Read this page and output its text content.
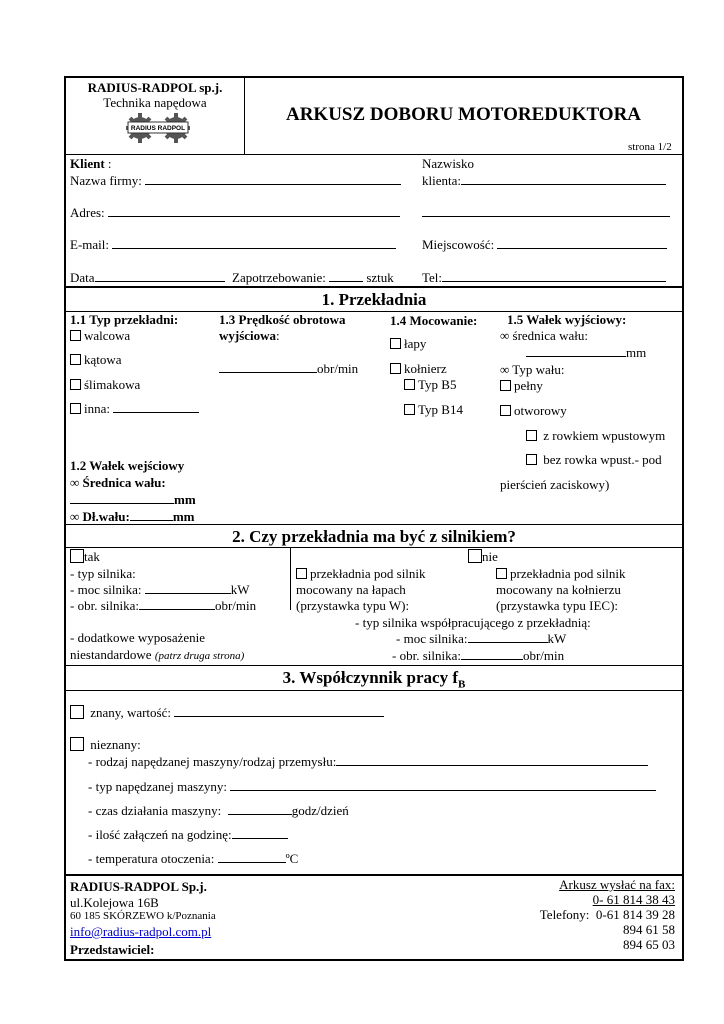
RADIUS-RADPOL sp.j.
Technika napędowa
RADIUS RADPOL
ARKUSZ DOBORU MOTOREDUKTORA
strona 1/2
Klient :
Nazwa firmy:
Nazwisko
klienta:
Adres:
E-mail:	Miejscowość:
Data	Zapotrzebowanie:	sztuk Tel:
1. Przekładnia
1.1 Typ przekładni:
walcowa
kątowa
ślimakowa
inna:
1.3 Prędkość obrotowa
wyjściowa:
obr/min
1.4 Mocowanie:
łapy
kołnierz
Typ B5
Typ B14
1.5 Wałek wyjściowy:
∞ średnica wału:
mm
∞ Typ wału:
pełny
otworowy
z rowkiem wpustowym
bez rowka wpust.- pod
pierścień zaciskowy)
1.2 Wałek wejściowy
∞ Średnica wału:
mm
∞ Dł.wału:	mm
2. Czy przekładnia ma być z silnikiem?
tak	nie
- typ silnika:
- moc silnika:	kW
- obr. silnika:	obr/min
- dodatkowe wyposażenie
niestandardowe (patrz druga strona)
przekładnia pod silnik
mocowany na łapach
(przystawka typu W):
przekładnia pod silnik
mocowany na kołnierzu
(przystawka typu IEC):
- typ silnika współpracującego z przekładnią:
- moc silnika:	kW
- obr. silnika:	obr/min
3. Współczynnik pracy $f_B$
znany, wartość:
nieznany:
- rodzaj napędzanej maszyny/rodzaj przemysłu:
- typ napędzanej maszyny:
- czas działania maszyny:	godz/dzień
- ilość załączeń na godzinę:
- temperatura otoczenia:	ºC
RADIUS-RADPOL Sp.j.
ul.Kolejowa 16B
60 185 SKÓRZEWO k/Poznania
info@radius-radpol.com.pl
Przedstawiciel:
Arkusz wysłać na fax:
0- 61 814 38 43
Telefony: 0-61 814 39 28
894 61 58
894 65 03
